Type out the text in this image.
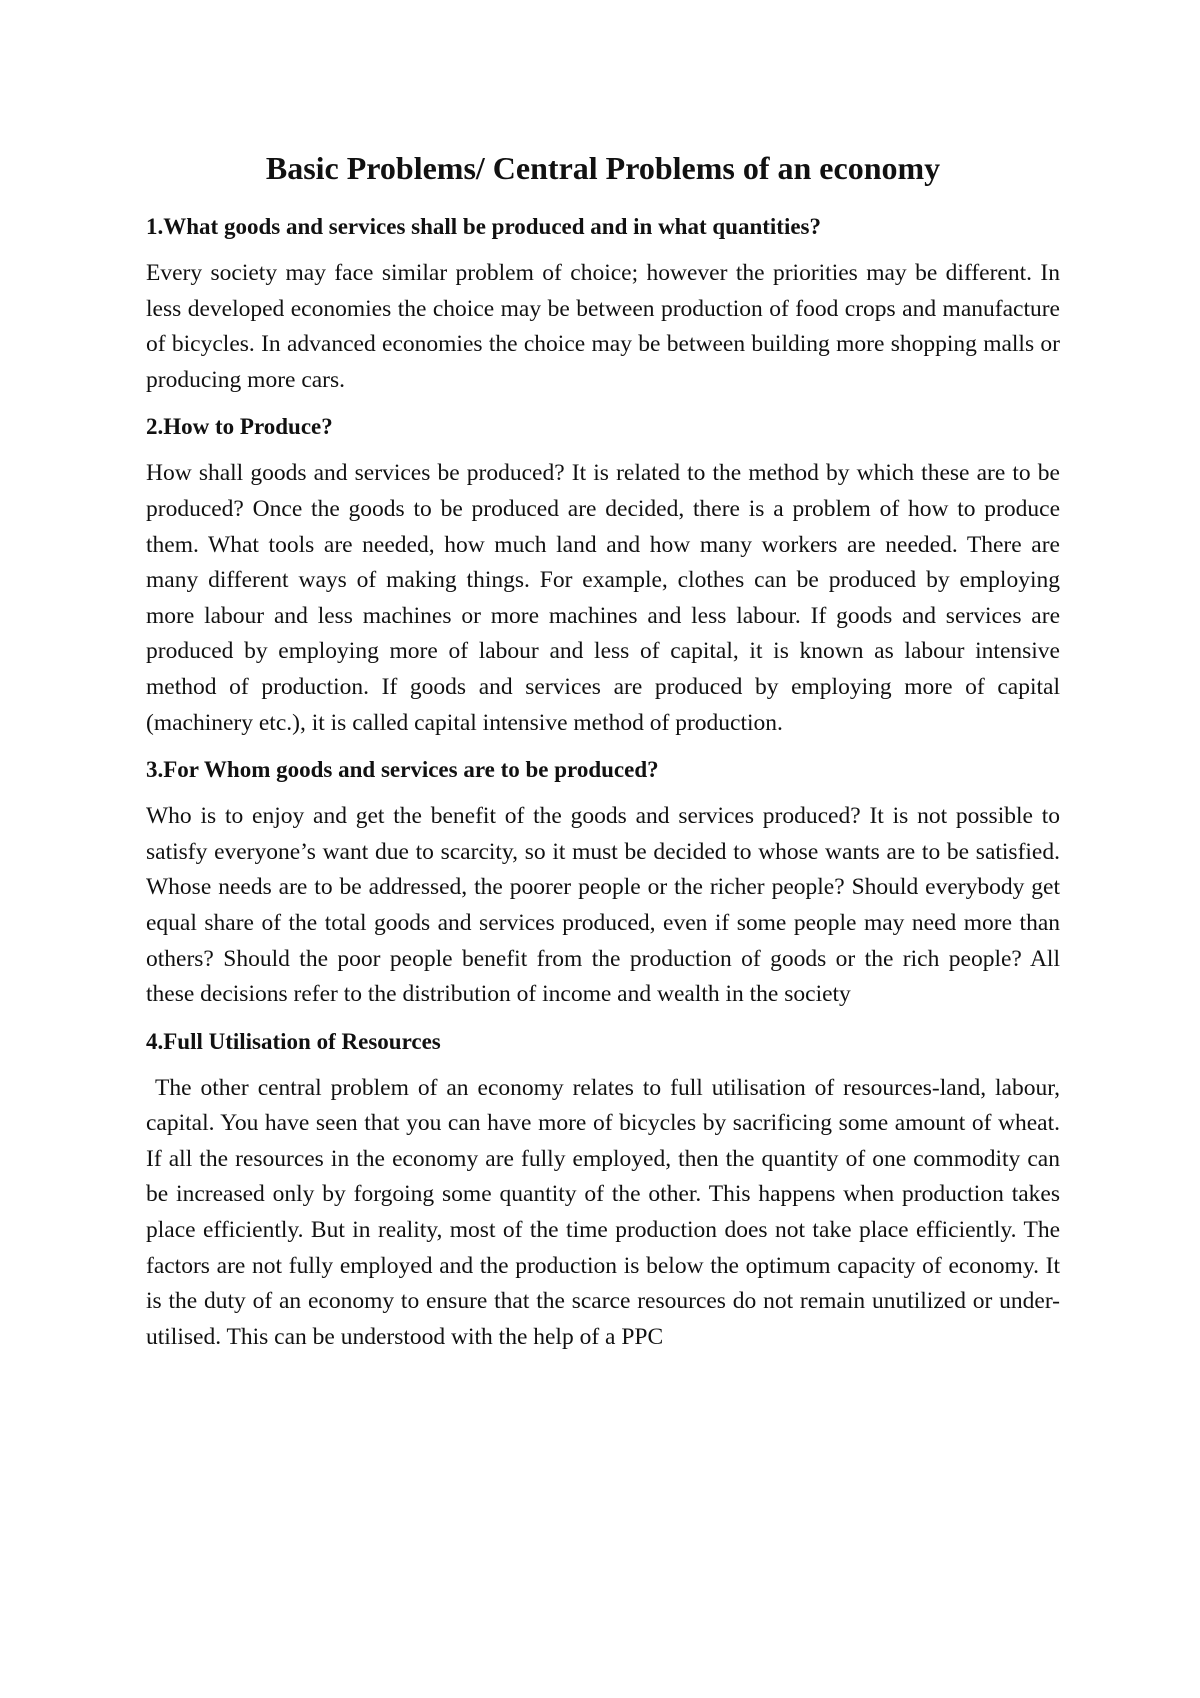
Basic Problems/ Central Problems of an economy
1.What goods and services shall be produced and in what quantities?
Every society may face similar problem of choice; however the priorities may be different. In less developed economies the choice may be between production of food crops and manufacture of bicycles. In advanced economies the choice may be between building more shopping malls or producing more cars.
2.How to Produce?
How shall goods and services be produced? It is related to the method by which these are to be produced? Once the goods to be produced are decided, there is a problem of how to produce them. What tools are needed, how much land and how many workers are needed. There are many different ways of making things. For example, clothes can be produced by employing more labour and less machines or more machines and less labour. If goods and services are produced by employing more of labour and less of capital, it is known as labour intensive method of production. If goods and services are produced by employing more of capital (machinery etc.), it is called capital intensive method of production.
3.For Whom goods and services are to be produced?
Who is to enjoy and get the benefit of the goods and services produced? It is not possible to satisfy everyone’s want due to scarcity, so it must be decided to whose wants are to be satisfied. Whose needs are to be addressed, the poorer people or the richer people? Should everybody get equal share of the total goods and services produced, even if some people may need more than others? Should the poor people benefit from the production of goods or the rich people? All these decisions refer to the distribution of income and wealth in the society
4.Full Utilisation of Resources
The other central problem of an economy relates to full utilisation of resources-land, labour, capital. You have seen that you can have more of bicycles by sacrificing some amount of wheat. If all the resources in the economy are fully employed, then the quantity of one commodity can be increased only by forgoing some quantity of the other. This happens when production takes place efficiently. But in reality, most of the time production does not take place efficiently. The factors are not fully employed and the production is below the optimum capacity of economy. It is the duty of an economy to ensure that the scarce resources do not remain unutilized or under-utilised. This can be understood with the help of a PPC
